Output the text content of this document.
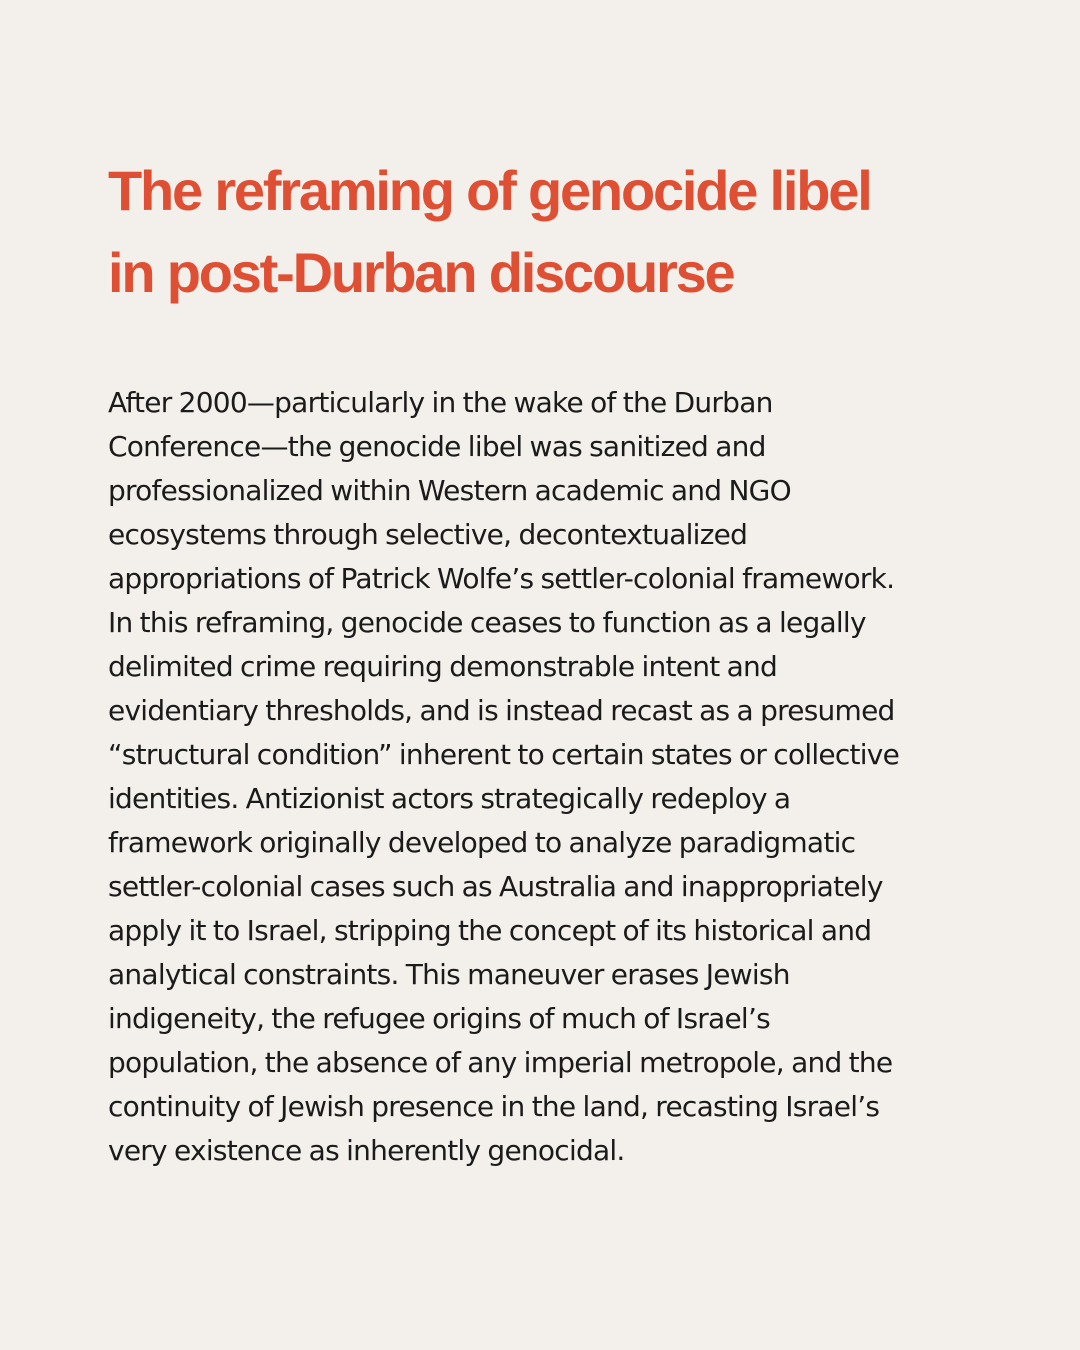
The reframing of genocide libel
in post-Durban discourse

After 2000—particularly in the wake of the Durban
Conference—the genocide libel was sanitized and
professionalized within Western academic and NGO
ecosystems through selective, decontextualized
appropriations of Patrick Wolfe’s settler-colonial framework.
In this reframing, genocide ceases to function as a legally
delimited crime requiring demonstrable intent and
evidentiary thresholds, and is instead recast as a presumed
“structural condition” inherent to certain states or collective
identities. Antizionist actors strategically redeploy a
framework originally developed to analyze paradigmatic
settler-colonial cases such as Australia and inappropriately
apply it to Israel, stripping the concept of its historical and
analytical constraints. This maneuver erases Jewish
indigeneity, the refugee origins of much of Israel’s
population, the absence of any imperial metropole, and the
continuity of Jewish presence in the land, recasting Israel’s
very existence as inherently genocidal.
